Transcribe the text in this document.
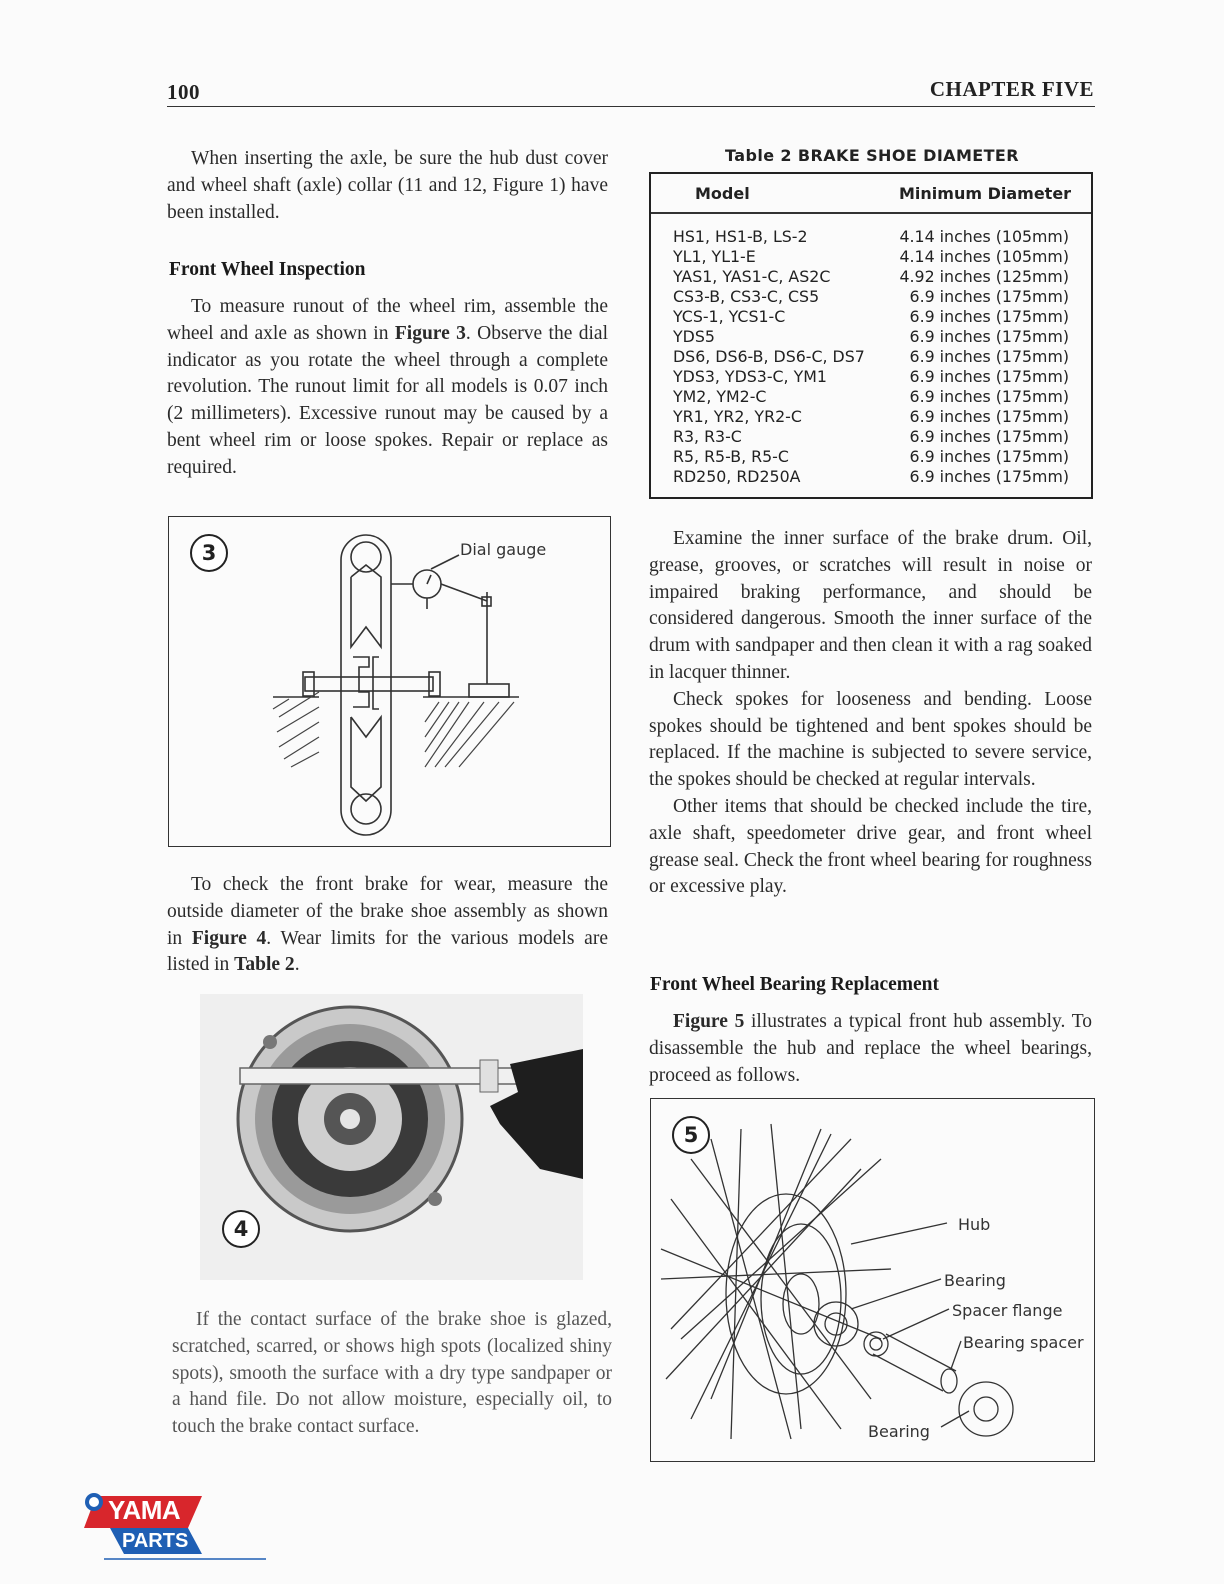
100	CHAPTER FIVE

When inserting the axle, be sure the hub dust cover and wheel shaft (axle) collar (11 and 12, Figure 1) have been installed.

Front Wheel Inspection

To measure runout of the wheel rim, assemble the wheel and axle as shown in Figure 3. Observe the dial indicator as you rotate the wheel through a complete revolution. The runout limit for all models is 0.07 inch (2 millimeters). Excessive runout may be caused by a bent wheel rim or loose spokes. Repair or replace as required.

3	Dial gauge

To check the front brake for wear, measure the outside diameter of the brake shoe assembly as shown in Figure 4. Wear limits for the various models are listed in Table 2.

4

If the contact surface of the brake shoe is glazed, scratched, scarred, or shows high spots (localized shiny spots), smooth the surface with a dry type sandpaper or a hand file. Do not allow moisture, especially oil, to touch the brake contact surface.

Table 2 BRAKE SHOE DIAMETER
Model	Minimum Diameter
HS1, HS1-B, LS-2	4.14 inches (105mm)
YL1, YL1-E	4.14 inches (105mm)
YAS1, YAS1-C, AS2C	4.92 inches (125mm)
CS3-B, CS3-C, CS5	6.9 inches (175mm)
YCS-1, YCS1-C	6.9 inches (175mm)
YDS5	6.9 inches (175mm)
DS6, DS6-B, DS6-C, DS7	6.9 inches (175mm)
YDS3, YDS3-C, YM1	6.9 inches (175mm)
YM2, YM2-C	6.9 inches (175mm)
YR1, YR2, YR2-C	6.9 inches (175mm)
R3, R3-C	6.9 inches (175mm)
R5, R5-B, R5-C	6.9 inches (175mm)
RD250, RD250A	6.9 inches (175mm)

Examine the inner surface of the brake drum. Oil, grease, grooves, or scratches will result in noise or impaired braking performance, and should be considered dangerous. Smooth the inner surface of the drum with sandpaper and then clean it with a rag soaked in lacquer thinner.

Check spokes for looseness and bending. Loose spokes should be tightened and bent spokes should be replaced. If the machine is subjected to severe service, the spokes should be checked at regular intervals.

Other items that should be checked include the tire, axle shaft, speedometer drive gear, and front wheel grease seal. Check the front wheel bearing for roughness or excessive play.

Front Wheel Bearing Replacement

Figure 5 illustrates a typical front hub assembly. To disassemble the hub and replace the wheel bearings, proceed as follows.

5
Hub
Bearing
Spacer flange
Bearing spacer
Bearing
YAMA
PARTS
